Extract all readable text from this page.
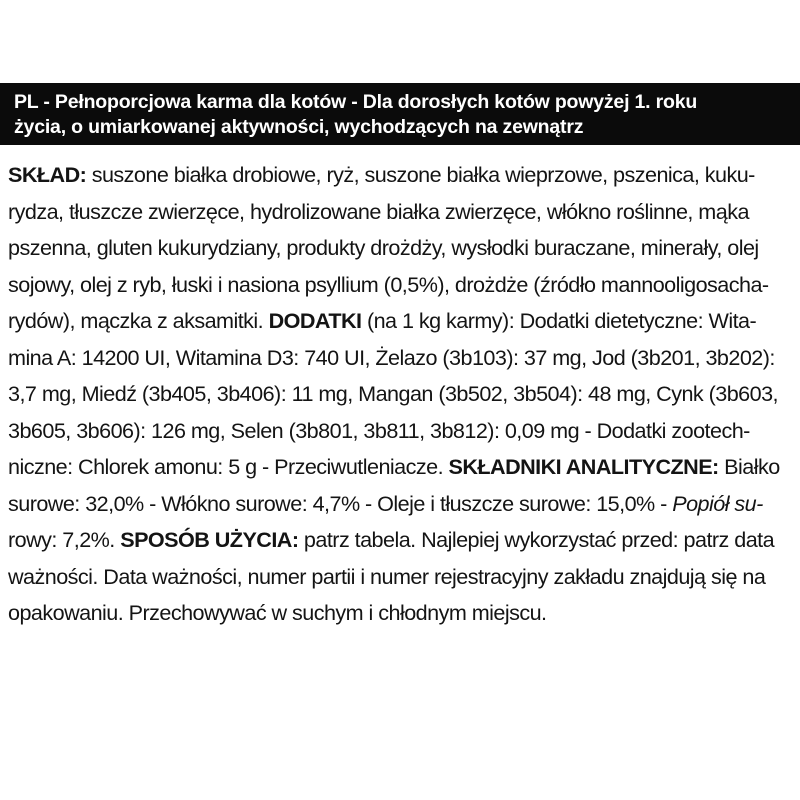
PL - Pełnoporcjowa karma dla kotów - Dla dorosłych kotów powyżej 1. roku
życia, o umiarkowanej aktywności, wychodzących na zewnątrz
SKŁAD: suszone białka drobiowe, ryż, suszone białka wieprzowe, pszenica, kuku-
rydza, tłuszcze zwierzęce, hydrolizowane białka zwierzęce, włókno roślinne, mąka
pszenna, gluten kukurydziany, produkty drożdży, wysłodki buraczane, minerały, olej
sojowy, olej z ryb, łuski i nasiona psyllium (0,5%), drożdże (źródło mannooligosacha-
rydów), mączka z aksamitki. DODATKI (na 1 kg karmy): Dodatki dietetyczne: Wita-
mina A: 14200 UI, Witamina D3: 740 UI, Żelazo (3b103): 37 mg, Jod (3b201, 3b202):
3,7 mg, Miedź (3b405, 3b406): 11 mg, Mangan (3b502, 3b504): 48 mg, Cynk (3b603,
3b605, 3b606): 126 mg, Selen (3b801, 3b811, 3b812): 0,09 mg - Dodatki zootech-
niczne: Chlorek amonu: 5 g - Przeciwutleniacze. SKŁADNIKI ANALITYCZNE: Białko
surowe: 32,0% - Włókno surowe: 4,7% - Oleje i tłuszcze surowe: 15,0% - Popiół su-
rowy: 7,2%. SPOSÓB UŻYCIA: patrz tabela. Najlepiej wykorzystać przed: patrz data
ważności. Data ważności, numer partii i numer rejestracyjny zakładu znajdują się na
opakowaniu. Przechowywać w suchym i chłodnym miejscu.
